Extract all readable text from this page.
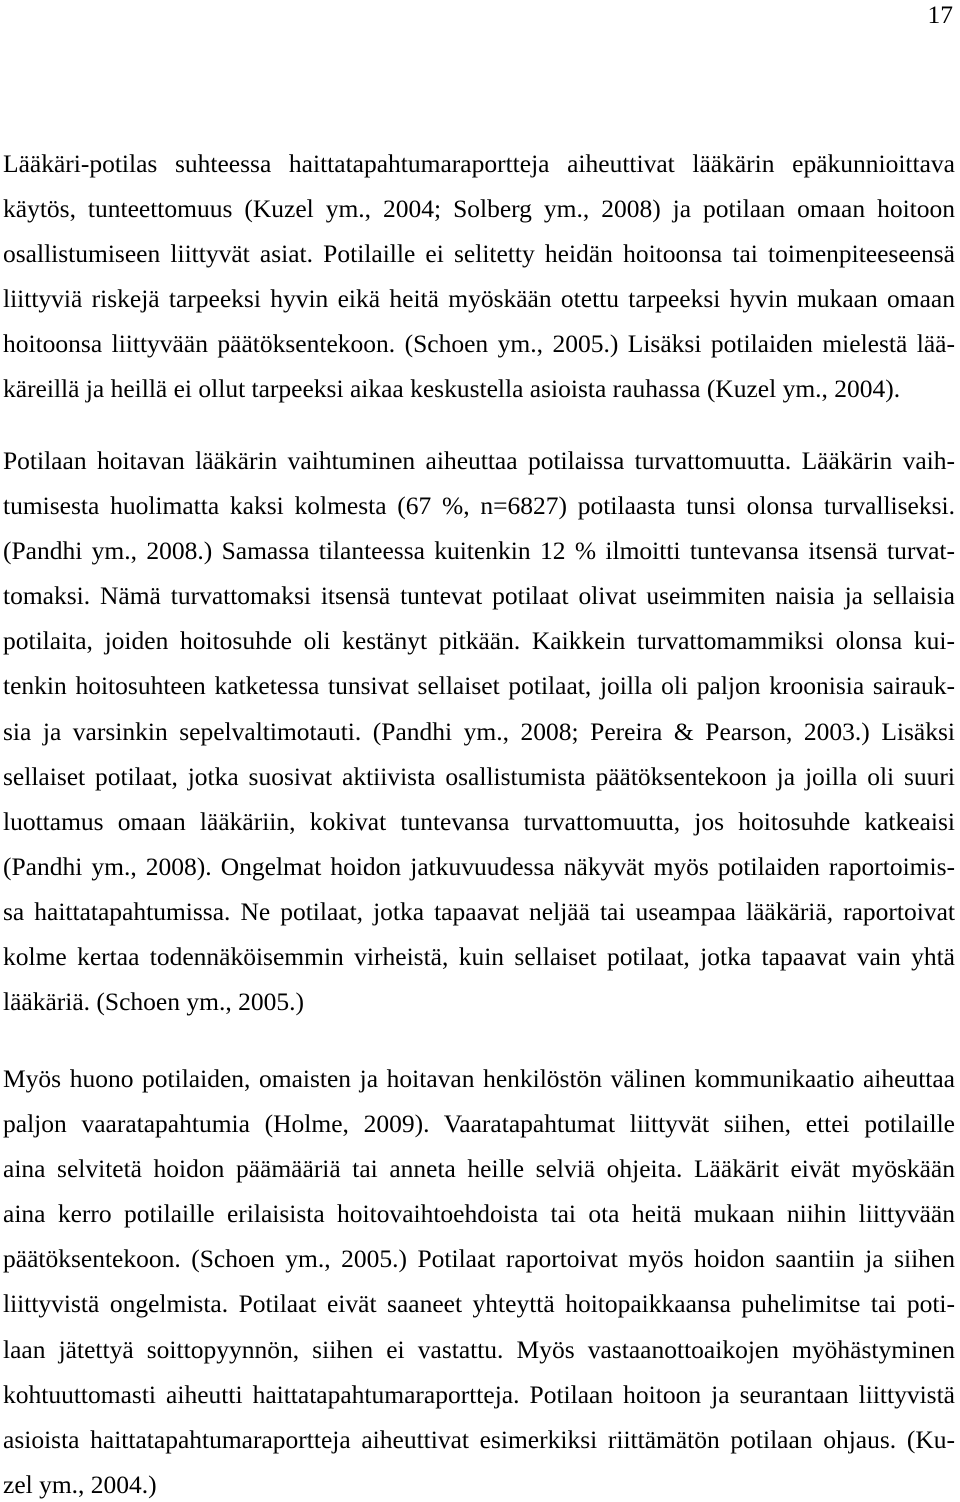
17
Lääkäri-potilas suhteessa haittatapahtumaraportteja aiheuttivat lääkärin epäkunnioittava
käytös, tunteettomuus (Kuzel ym., 2004; Solberg ym., 2008) ja potilaan omaan hoitoon
osallistumiseen liittyvät asiat. Potilaille ei selitetty heidän hoitoonsa tai toimenpiteeseensä
liittyviä riskejä tarpeeksi hyvin eikä heitä myöskään otettu tarpeeksi hyvin mukaan omaan
hoitoonsa liittyvään päätöksentekoon. (Schoen ym., 2005.) Lisäksi potilaiden mielestä lää-
käreillä ja heillä ei ollut tarpeeksi aikaa keskustella asioista rauhassa (Kuzel ym., 2004).
Potilaan hoitavan lääkärin vaihtuminen aiheuttaa potilaissa turvattomuutta. Lääkärin vaih-
tumisesta huolimatta kaksi kolmesta (67 %, n=6827) potilaasta tunsi olonsa turvalliseksi.
(Pandhi ym., 2008.) Samassa tilanteessa kuitenkin 12 % ilmoitti tuntevansa itsensä turvat-
tomaksi. Nämä turvattomaksi itsensä tuntevat potilaat olivat useimmiten naisia ja sellaisia
potilaita, joiden hoitosuhde oli kestänyt pitkään. Kaikkein turvattomammiksi olonsa kui-
tenkin hoitosuhteen katketessa tunsivat sellaiset potilaat, joilla oli paljon kroonisia sairauk-
sia ja varsinkin sepelvaltimotauti. (Pandhi ym., 2008; Pereira & Pearson, 2003.) Lisäksi
sellaiset potilaat, jotka suosivat aktiivista osallistumista päätöksentekoon ja joilla oli suuri
luottamus omaan lääkäriin, kokivat tuntevansa turvattomuutta, jos hoitosuhde katkeaisi
(Pandhi ym., 2008). Ongelmat hoidon jatkuvuudessa näkyvät myös potilaiden raportoimis-
sa haittatapahtumissa. Ne potilaat, jotka tapaavat neljää tai useampaa lääkäriä, raportoivat
kolme kertaa todennäköisemmin virheistä, kuin sellaiset potilaat, jotka tapaavat vain yhtä
lääkäriä. (Schoen ym., 2005.)
Myös huono potilaiden, omaisten ja hoitavan henkilöstön välinen kommunikaatio aiheuttaa
paljon vaaratapahtumia (Holme, 2009). Vaaratapahtumat liittyvät siihen, ettei potilaille
aina selvitetä hoidon päämääriä tai anneta heille selviä ohjeita. Lääkärit eivät myöskään
aina kerro potilaille erilaisista hoitovaihtoehdoista tai ota heitä mukaan niihin liittyvään
päätöksentekoon. (Schoen ym., 2005.) Potilaat raportoivat myös hoidon saantiin ja siihen
liittyvistä ongelmista. Potilaat eivät saaneet yhteyttä hoitopaikkaansa puhelimitse tai poti-
laan jätettyä soittopyynnön, siihen ei vastattu. Myös vastaanottoaikojen myöhästyminen
kohtuuttomasti aiheutti haittatapahtumaraportteja. Potilaan hoitoon ja seurantaan liittyvistä
asioista haittatapahtumaraportteja aiheuttivat esimerkiksi riittämätön potilaan ohjaus. (Ku-
zel ym., 2004.)
